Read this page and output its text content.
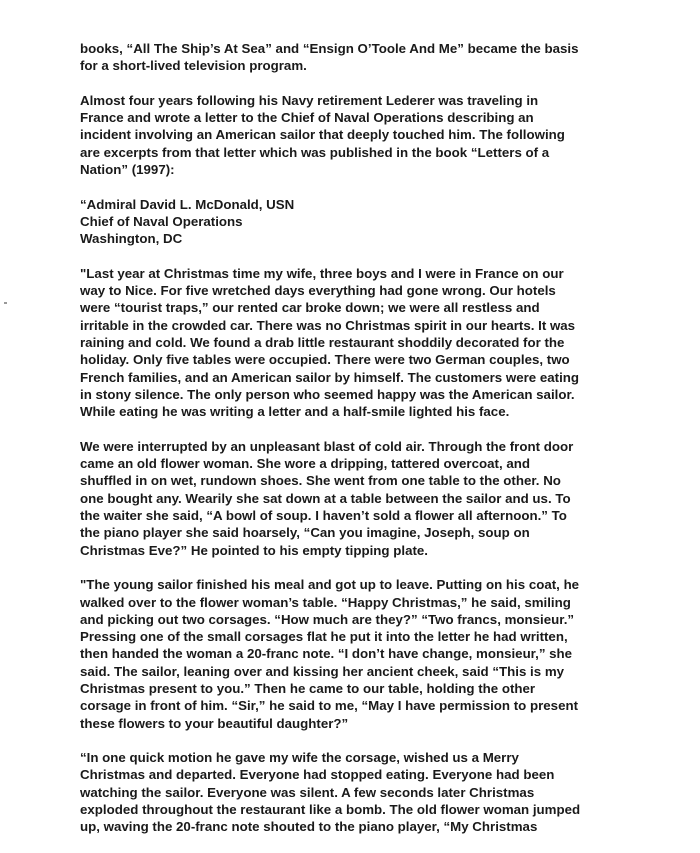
books, “All The Ship’s At Sea” and “Ensign O’Toole And Me” became the basis
for a short-lived television program.

Almost four years following his Navy retirement Lederer was traveling in
France and wrote a letter to the Chief of Naval Operations describing an
incident involving an American sailor that deeply touched him. The following
are excerpts from that letter which was published in the book “Letters of a
Nation” (1997):

“Admiral David L. McDonald, USN
Chief of Naval Operations
Washington, DC

"Last year at Christmas time my wife, three boys and I were in France on our
way to Nice. For five wretched days everything had gone wrong. Our hotels
were “tourist traps,” our rented car broke down; we were all restless and
irritable in the crowded car. There was no Christmas spirit in our hearts. It was
raining and cold. We found a drab little restaurant shoddily decorated for the
holiday. Only five tables were occupied. There were two German couples, two
French families, and an American sailor by himself. The customers were eating
in stony silence. The only person who seemed happy was the American sailor.
While eating he was writing a letter and a half-smile lighted his face.

We were interrupted by an unpleasant blast of cold air. Through the front door
came an old flower woman. She wore a dripping, tattered overcoat, and
shuffled in on wet, rundown shoes. She went from one table to the other. No
one bought any. Wearily she sat down at a table between the sailor and us. To
the waiter she said, “A bowl of soup. I haven’t sold a flower all afternoon.” To
the piano player she said hoarsely, “Can you imagine, Joseph, soup on
Christmas Eve?” He pointed to his empty tipping plate.

"The young sailor finished his meal and got up to leave. Putting on his coat, he
walked over to the flower woman’s table. “Happy Christmas,” he said, smiling
and picking out two corsages. “How much are they?” “Two francs, monsieur.”
Pressing one of the small corsages flat he put it into the letter he had written,
then handed the woman a 20-franc note. “I don’t have change, monsieur,” she
said. The sailor, leaning over and kissing her ancient cheek, said “This is my
Christmas present to you.” Then he came to our table, holding the other
corsage in front of him. “Sir,” he said to me, “May I have permission to present
these flowers to your beautiful daughter?”

“In one quick motion he gave my wife the corsage, wished us a Merry
Christmas and departed. Everyone had stopped eating. Everyone had been
watching the sailor. Everyone was silent. A few seconds later Christmas
exploded throughout the restaurant like a bomb. The old flower woman jumped
up, waving the 20-franc note shouted to the piano player, “My Christmas
